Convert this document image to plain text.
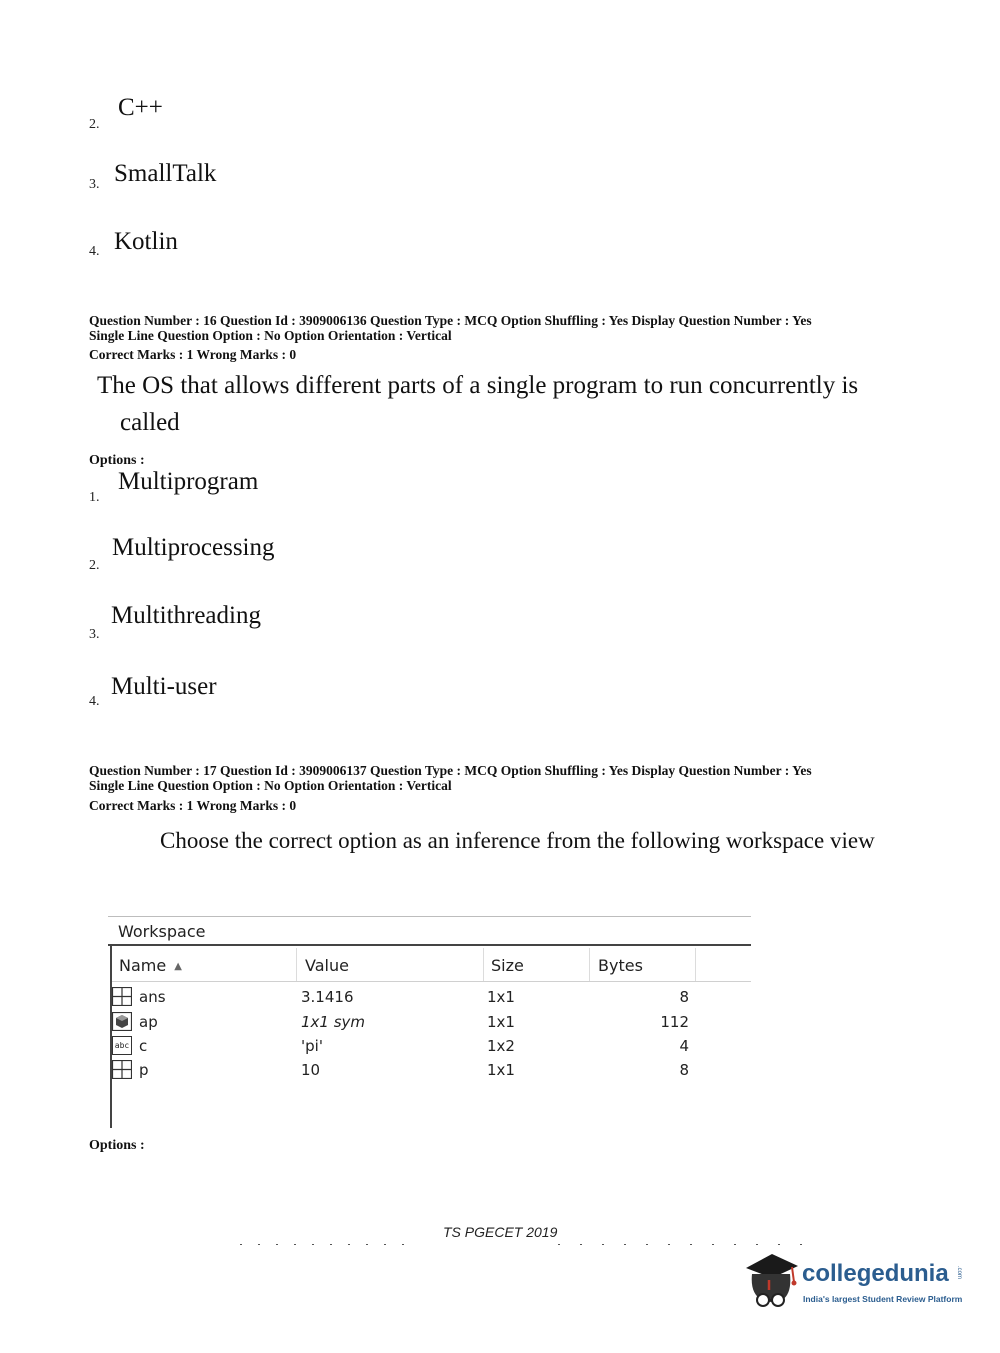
2.
C++
3. SmallTalk
4. Kotlin
Question Number : 16 Question Id : 3909006136 Question Type : MCQ Option Shuffling : Yes Display Question Number : Yes
Single Line Question Option : No Option Orientation : Vertical
Correct Marks : 1 Wrong Marks : 0
The OS that allows different parts of a single program to run concurrently is
called
Options :
1.
Multiprogram
2.
Multiprocessing
3.
Multithreading
4.
Multi-user
Question Number : 17 Question Id : 3909006137 Question Type : MCQ Option Shuffling : Yes Display Question Number : Yes
Single Line Question Option : No Option Orientation : Vertical
Correct Marks : 1 Wrong Marks : 0
Choose the correct option as an inference from the following workspace view
Workspace
Name ▲	Value	Size	Bytes
ans	3.1416	1x1	8
ap	1x1 sym	1x1	112
abc c	'pi'	1x2	4
p	10	1x1	8
Options :
TS PGECET 2019
collegedunia .com
India's largest Student Review Platform
